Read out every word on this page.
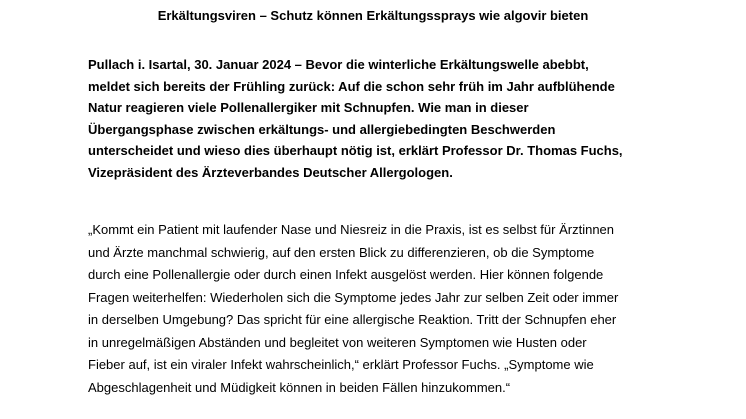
Erkältungsviren – Schutz können Erkältungssprays wie algovir bieten
Pullach i. Isartal, 30. Januar 2024 – Bevor die winterliche Erkältungswelle abebbt,
meldet sich bereits der Frühling zurück: Auf die schon sehr früh im Jahr aufblühende
Natur reagieren viele Pollenallergiker mit Schnupfen. Wie man in dieser
Übergangsphase zwischen erkältungs- und allergiebedingten Beschwerden
unterscheidet und wieso dies überhaupt nötig ist, erklärt Professor Dr. Thomas Fuchs,
Vizepräsident des Ärzteverbandes Deutscher Allergologen.
„Kommt ein Patient mit laufender Nase und Niesreiz in die Praxis, ist es selbst für Ärztinnen
und Ärzte manchmal schwierig, auf den ersten Blick zu differenzieren, ob die Symptome
durch eine Pollenallergie oder durch einen Infekt ausgelöst werden. Hier können folgende
Fragen weiterhelfen: Wiederholen sich die Symptome jedes Jahr zur selben Zeit oder immer
in derselben Umgebung? Das spricht für eine allergische Reaktion. Tritt der Schnupfen eher
in unregelmäßigen Abständen und begleitet von weiteren Symptomen wie Husten oder
Fieber auf, ist ein viraler Infekt wahrscheinlich,“ erklärt Professor Fuchs. „Symptome wie
Abgeschlagenheit und Müdigkeit können in beiden Fällen hinzukommen.“
